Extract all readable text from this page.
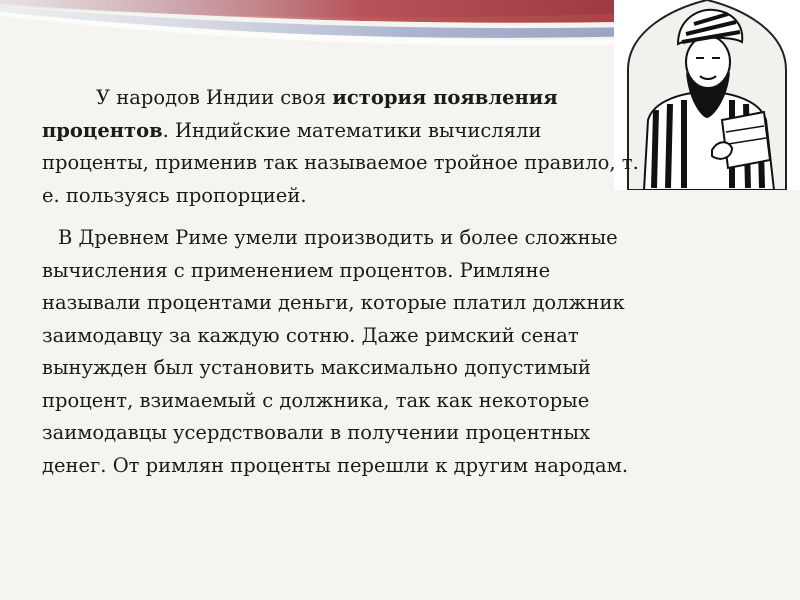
У народов Индии своя история появления процентов. Индийские математики вычисляли проценты, применив так называемое тройное правило, т. е. пользуясь пропорцией.

В Древнем Риме умели производить и более сложные вычисления с применением процентов. Римляне называли процентами деньги, которые платил должник заимодавцу за каждую сотню. Даже римский сенат вынужден был установить максимально допустимый процент, взимаемый с должника, так как некоторые заимодавцы усердствовали в получении процентных денег. От римлян проценты перешли к другим народам.
